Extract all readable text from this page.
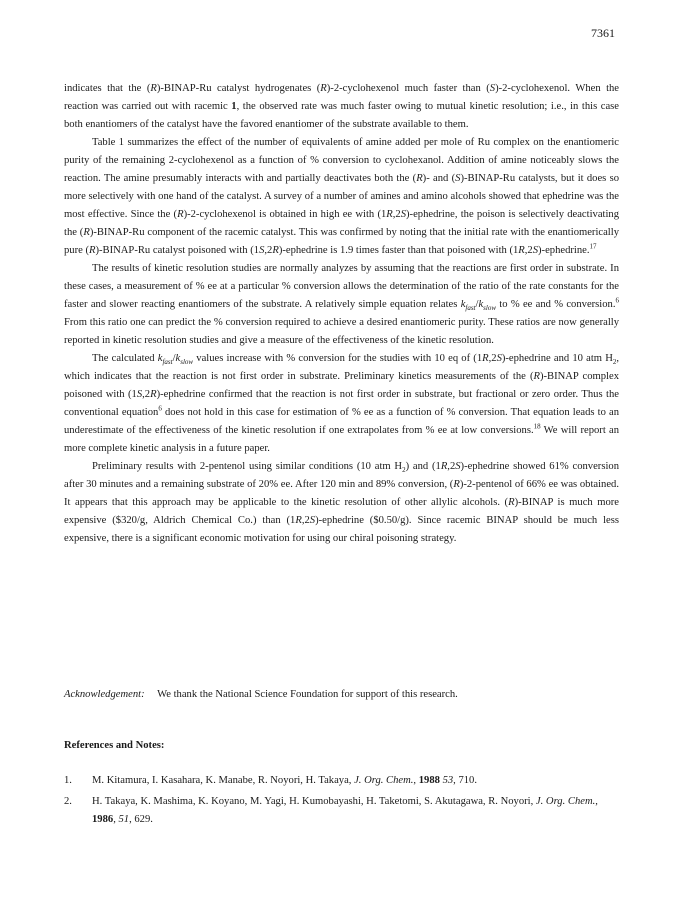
7361

indicates that the (R)-BINAP-Ru catalyst hydrogenates (R)-2-cyclohexenol much faster than (S)-2-cyclohexenol. When the reaction was carried out with racemic 1, the observed rate was much faster owing to mutual kinetic resolution; i.e., in this case both enantiomers of the catalyst have the favored enantiomer of the substrate available to them.

Table 1 summarizes the effect of the number of equivalents of amine added per mole of Ru complex on the enantiomeric purity of the remaining 2-cyclohexenol as a function of % conversion to cyclohexanol. Addition of amine noticeably slows the reaction. The amine presumably interacts with and partially deactivates both the (R)- and (S)-BINAP-Ru catalysts, but it does so more selectively with one hand of the catalyst. A survey of a number of amines and amino alcohols showed that ephedrine was the most effective. Since the (R)-2-cyclohexenol is obtained in high ee with (1R,2S)-ephedrine, the poison is selectively deactivating the (R)-BINAP-Ru component of the racemic catalyst. This was confirmed by noting that the initial rate with the enantiomerically pure (R)-BINAP-Ru catalyst poisoned with (1S,2R)-ephedrine is 1.9 times faster than that poisoned with (1R,2S)-ephedrine.$^{17}$

The results of kinetic resolution studies are normally analyzes by assuming that the reactions are first order in substrate. In these cases, a measurement of % ee at a particular % conversion allows the determination of the ratio of the rate constants for the faster and slower reacting enantiomers of the substrate. A relatively simple equation relates $k_{fast}/k_{slow}$ to % ee and % conversion.$^6$ From this ratio one can predict the % conversion required to achieve a desired enantiomeric purity. These ratios are now generally reported in kinetic resolution studies and give a measure of the effectiveness of the kinetic resolution.

The calculated $k_{fast}/k_{slow}$ values increase with % conversion for the studies with 10 eq of (1R,2S)-ephedrine and 10 atm $H_2$, which indicates that the reaction is not first order in substrate. Preliminary kinetics measurements of the (R)-BINAP complex poisoned with (1S,2R)-ephedrine confirmed that the reaction is not first order in substrate, but fractional or zero order. Thus the conventional equation$^6$ does not hold in this case for estimation of % ee as a function of % conversion. That equation leads to an underestimate of the effectiveness of the kinetic resolution if one extrapolates from % ee at low conversions.$^{18}$ We will report an more complete kinetic analysis in a future paper.

Preliminary results with 2-pentenol using similar conditions (10 atm $H_2$) and (1R,2S)-ephedrine showed 61% conversion after 30 minutes and a remaining substrate of 20% ee. After 120 min and 89% conversion, (R)-2-pentenol of 66% ee was obtained. It appears that this approach may be applicable to the kinetic resolution of other allylic alcohols. (R)-BINAP is much more expensive ($320/g, Aldrich Chemical Co.) than (1R,2S)-ephedrine ($0.50/g). Since racemic BINAP should be much less expensive, there is a significant economic motivation for using our chiral poisoning strategy.

Acknowledgement: We thank the National Science Foundation for support of this research.
References and Notes:
1.	M. Kitamura, I. Kasahara, K. Manabe, R. Noyori, H. Takaya, J. Org. Chem., 1988 53, 710.
2.	H. Takaya, K. Mashima, K. Koyano, M. Yagi, H. Kumobayashi, H. Taketomi, S. Akutagawa, R. Noyori, J. Org. Chem., 1986, 51, 629.
